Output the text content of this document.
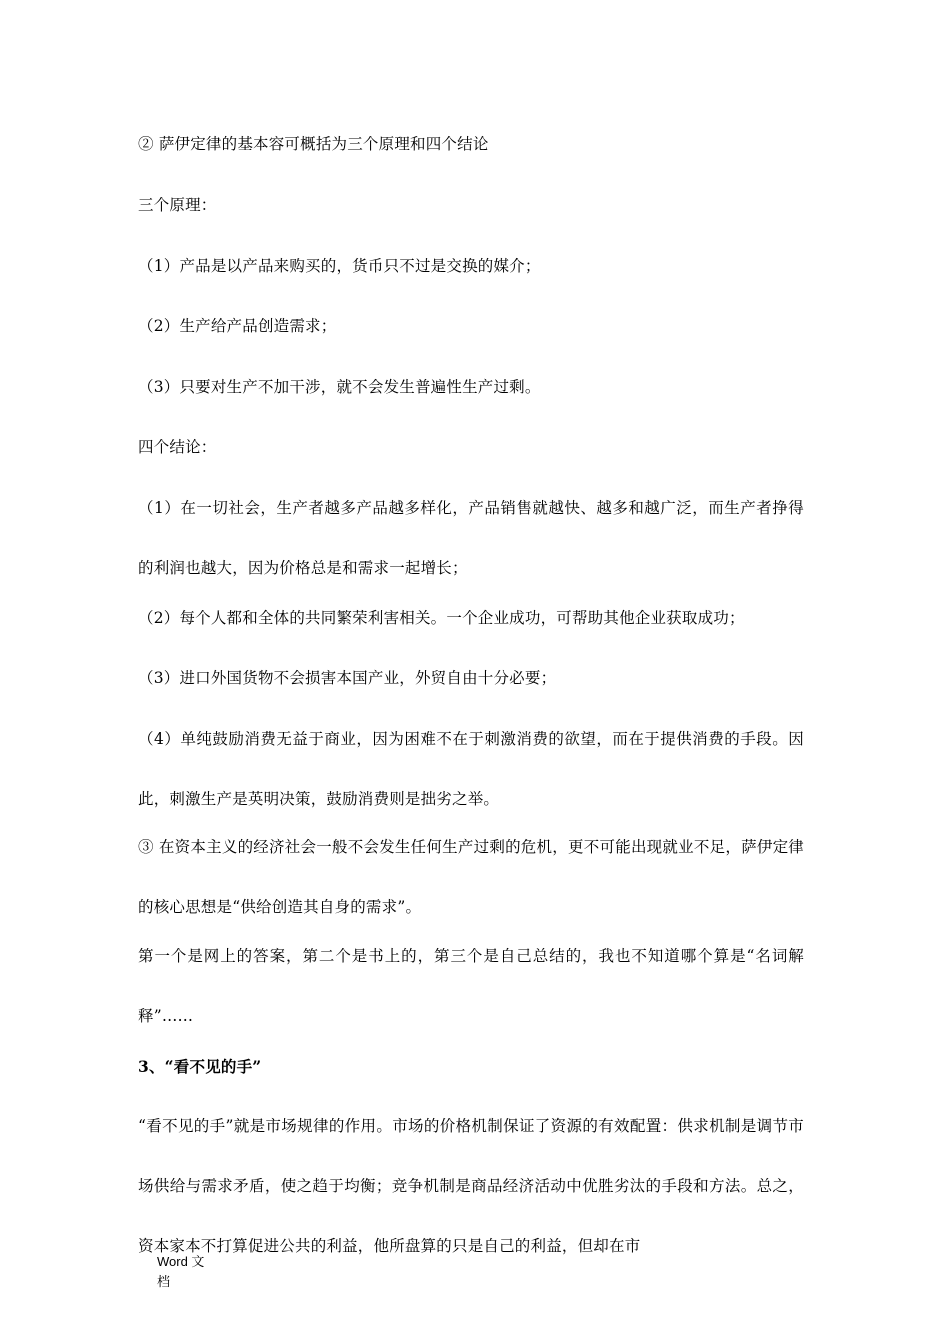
② 萨伊定律的基本容可概括为三个原理和四个结论

三个原理：

（1）产品是以产品来购买的，货币只不过是交换的媒介；

（2）生产给产品创造需求；

（3）只要对生产不加干涉，就不会发生普遍性生产过剩。

四个结论：

（1）在一切社会，生产者越多产品越多样化，产品销售就越快、越多和越广泛，而生产者挣得的利润也越大，因为价格总是和需求一起增长；

（2）每个人都和全体的共同繁荣利害相关。一个企业成功，可帮助其他企业获取成功；

（3）进口外国货物不会损害本国产业，外贸自由十分必要；

（4）单纯鼓励消费无益于商业，因为困难不在于刺激消费的欲望，而在于提供消费的手段。因此，刺激生产是英明决策，鼓励消费则是拙劣之举。

③ 在资本主义的经济社会一般不会发生任何生产过剩的危机，更不可能出现就业不足，萨伊定律的核心思想是“供给创造其自身的需求”。

第一个是网上的答案，第二个是书上的，第三个是自己总结的，我也不知道哪个算是“名词解释”……

3、“看不见的手”

“看不见的手”就是市场规律的作用。市场的价格机制保证了资源的有效配置：供求机制是调节市场供给与需求矛盾，使之趋于均衡；竞争机制是商品经济活动中优胜劣汰的手段和方法。总之，资本家本不打算促进公共的利益，他所盘算的只是自己的利益，但却在市

Word 文
档
